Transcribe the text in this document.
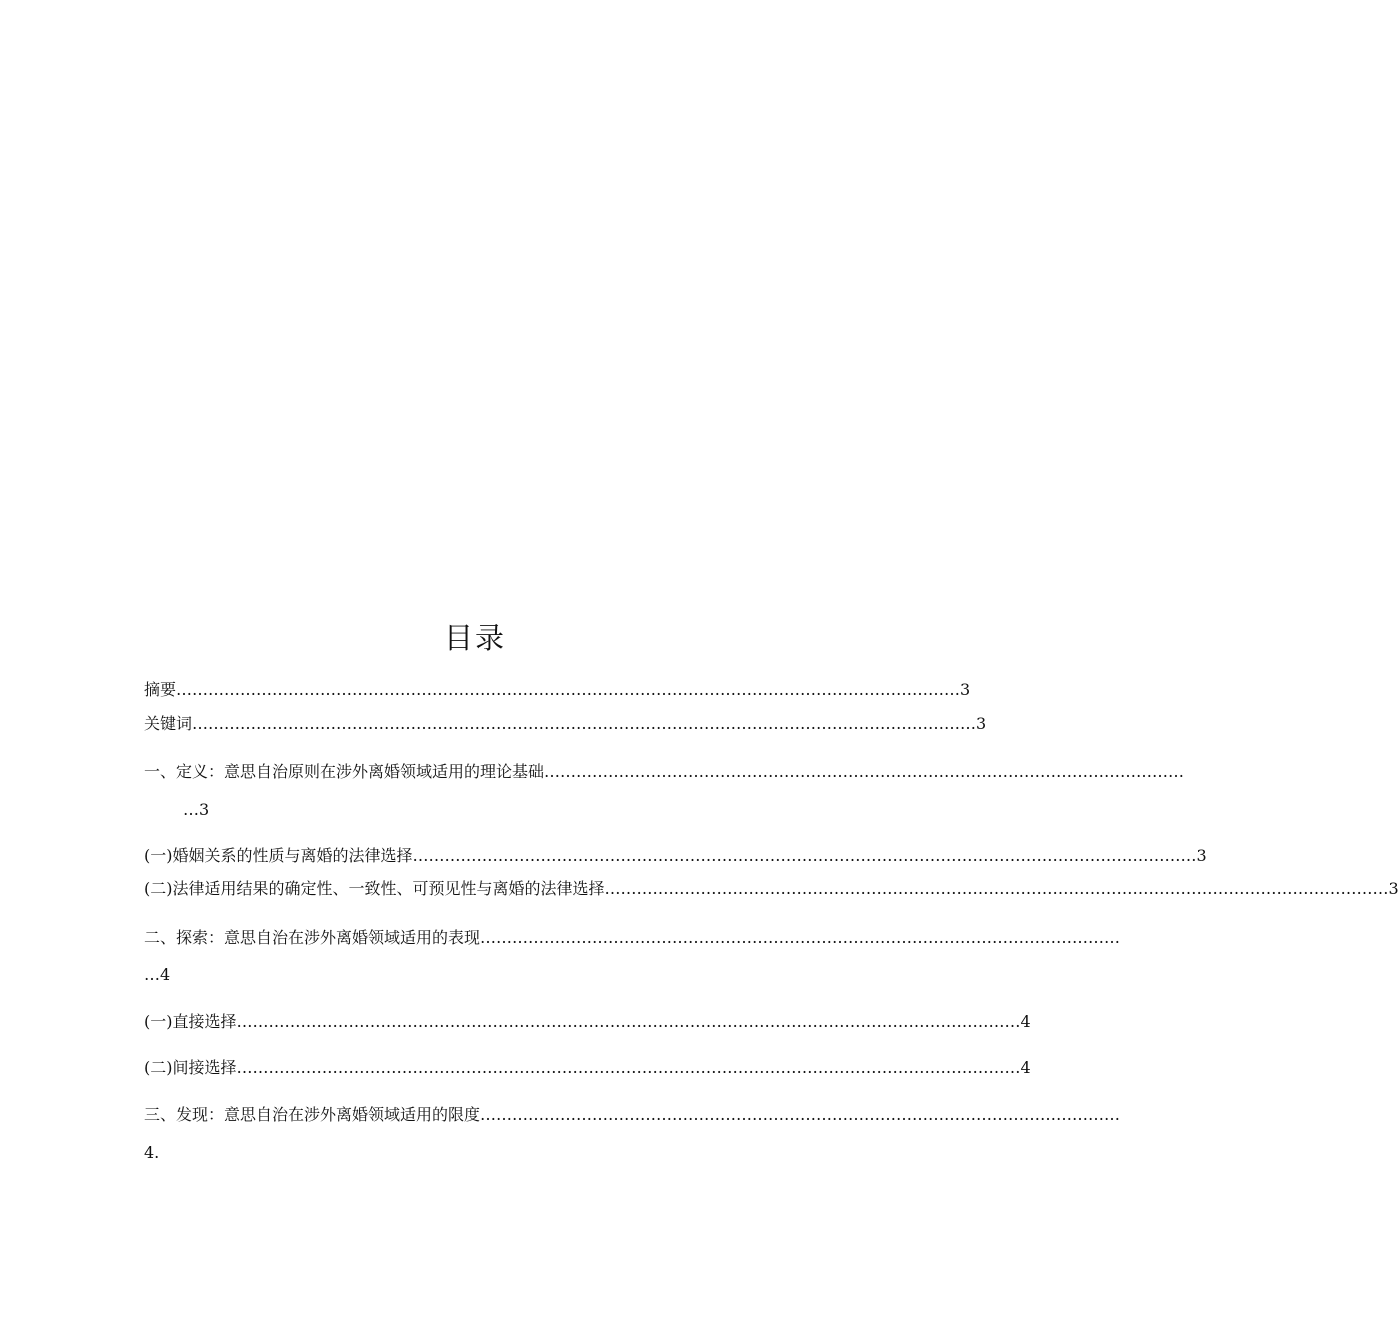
目录
摘要 ………………………………………………………………………………………………………………………………… 3
关键词 ………………………………………………………………………………………………………………………………… 3
一、 定义：意思自治原则在涉外离婚领域适用的理论基础 …………………………………………………………………………………………………………
…3
(一)婚姻关系的性质与离婚的法律选择 ………………………………………………………………………………………………………………………………… 3
(二)法律适用结果的确定性、一致性、可预见性与离婚的法律选择 ………………………………………………………………………………………………………………………………… 3
二、探索：意思自治在涉外离婚领域适用的表现 …………………………………………………………………………………………………………
…4
(一)直接选择 ………………………………………………………………………………………………………………………………… 4
(二)间接选择 ………………………………………………………………………………………………………………………………… 4
三、发现：意思自治在涉外离婚领域适用的限度 …………………………………………………………………………………………………………
4.
